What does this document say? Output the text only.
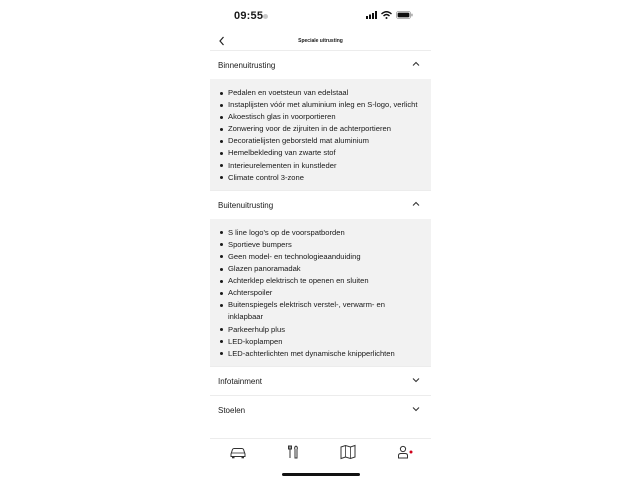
09:55
Speciale uitrusting
Binnenuitrusting
Pedalen en voetsteun van edelstaal
Instaplijsten vóór met aluminium inleg en S-logo, verlicht
Akoestisch glas in voorportieren
Zonwering voor de zijruiten in de achterportieren
Decoratielijsten geborsteld mat aluminium
Hemelbekleding van zwarte stof
Interieurelementen in kunstleder
Climate control 3-zone
Buitenuitrusting
S line logo's op de voorspatborden
Sportieve bumpers
Geen model- en technologieaanduiding
Glazen panoramadak
Achterklep elektrisch te openen en sluiten
Achterspoiler
Buitenspiegels elektrisch verstel-, verwarm- en inklapbaar
Parkeerhulp plus
LED-koplampen
LED-achterlichten met dynamische knipperlichten
Infotainment
Stoelen
